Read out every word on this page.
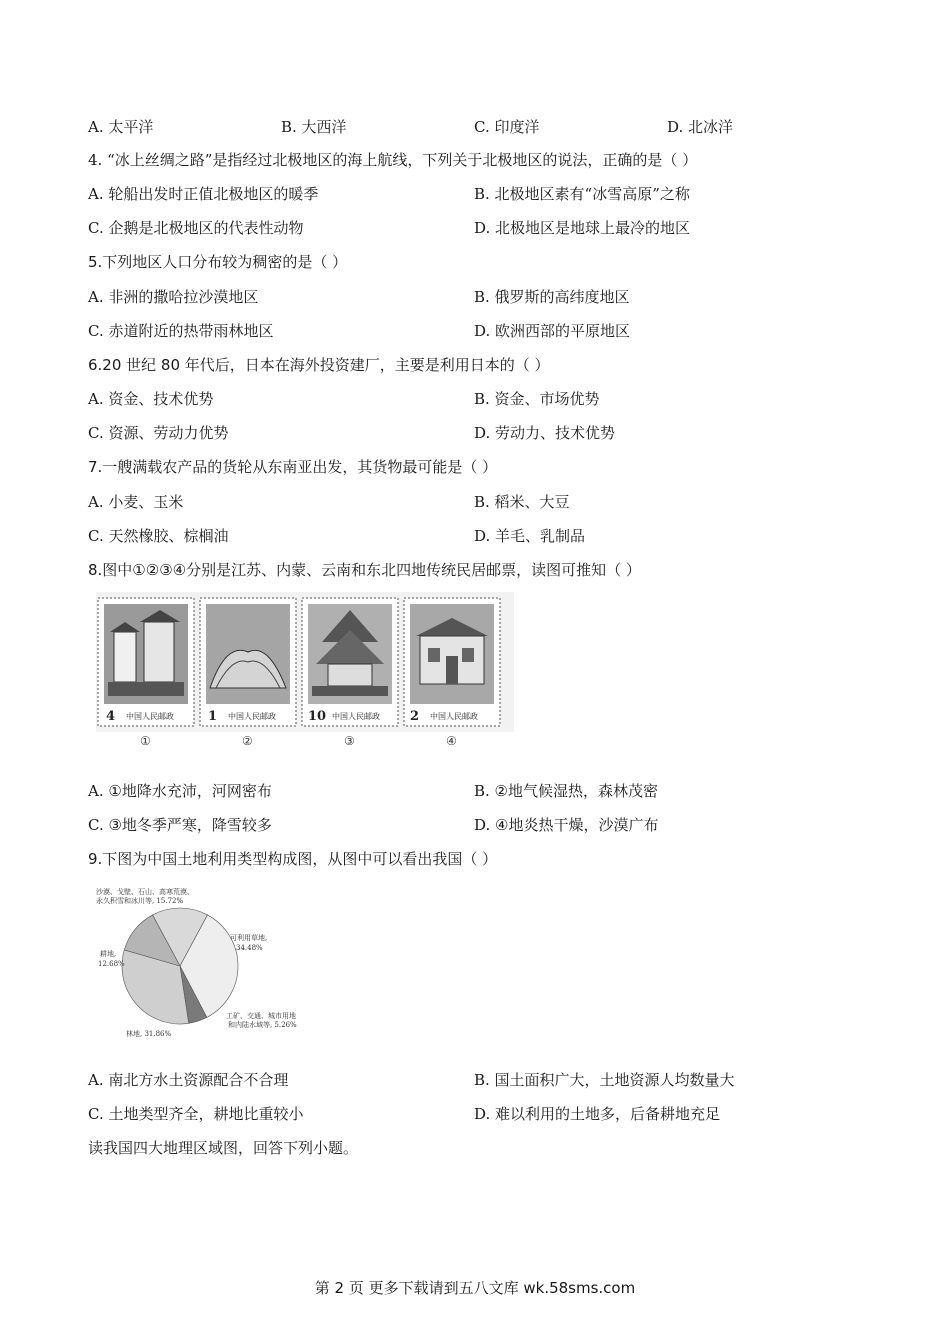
A. 太平洋	B. 大西洋	C. 印度洋	D. 北冰洋
4. “冰上丝绸之路”是指经过北极地区的海上航线，下列关于北极地区的说法，正确的是（ ）
A. 轮船出发时正值北极地区的暖季	B. 北极地区素有“冰雪高原”之称
C. 企鹅是北极地区的代表性动物	D. 北极地区是地球上最冷的地区
5.下列地区人口分布较为稠密的是（ ）
A. 非洲的撒哈拉沙漠地区	B. 俄罗斯的高纬度地区
C. 赤道附近的热带雨林地区	D. 欧洲西部的平原地区
6.20 世纪 80 年代后，日本在海外投资建厂，主要是利用日本的（ ）
A. 资金、技术优势	B. 资金、市场优势
C. 资源、劳动力优势	D. 劳动力、技术优势
7.一艘满载农产品的货轮从东南亚出发，其货物最可能是（ ）
A. 小麦、玉米	B. 稻米、大豆
C. 天然橡胶、棕榈油	D. 羊毛、乳制品
8.图中①②③④分别是江苏、内蒙、云南和东北四地传统民居邮票，读图可推知（ ）
4 中国人民邮政	1 中国人民邮政 10 中国人民邮政 2 中国人民邮政
①	②	③	④
A. ①地降水充沛，河网密布	B. ②地气候湿热，森林茂密
C. ③地冬季严寒，降雪较多	D. ④地炎热干燥，沙漠广布
9.下图为中国土地利用类型构成图，从图中可以看出我国（ ）
沙漠、戈壁、石山、高寒荒漠、
永久积雪和冰川等, 15.72%
可利用草地,
34.48%
耕地,
12.68%
林地, 31.86%
工矿、交通、城市用地
和内陆水域等, 5.26%
A. 南北方水土资源配合不合理	B. 国土面积广大，土地资源人均数量大
C. 土地类型齐全，耕地比重较小	D. 难以利用的土地多，后备耕地充足
读我国四大地理区域图，回答下列小题。
第 2 页 更多下载请到五八文库 wk.58sms.com
